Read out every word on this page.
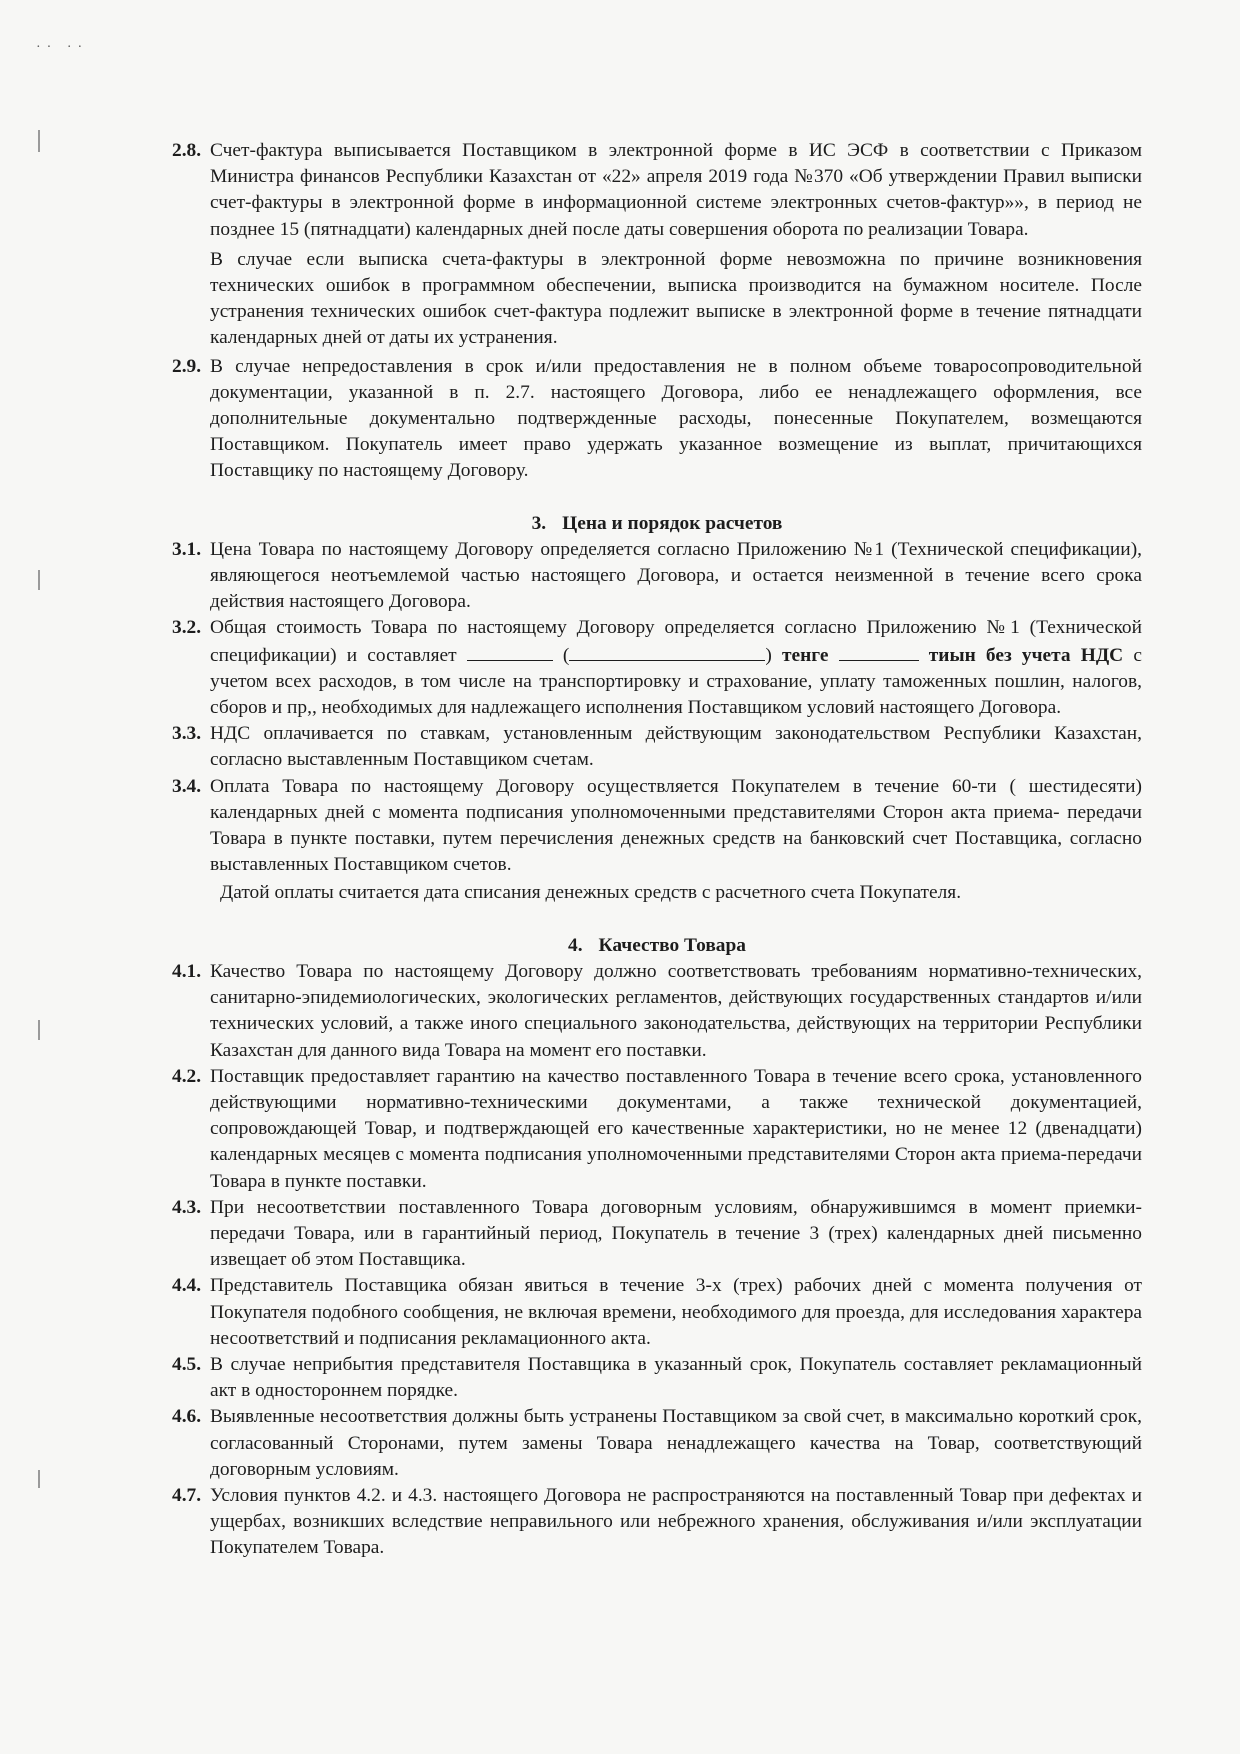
·· ··
2.8. Счет-фактура выписывается Поставщиком в электронной форме в ИС ЭСФ в соответствии с Приказом Министра финансов Республики Казахстан от «22» апреля 2019 года №370 «Об утверждении Правил выписки счет-фактуры в электронной форме в информационной системе электронных счетов-фактур»», в период не позднее 15 (пятнадцати) календарных дней после даты совершения оборота по реализации Товара.

В случае если выписка счета-фактуры в электронной форме невозможна по причине возникновения технических ошибок в программном обеспечении, выписка производится на бумажном носителе. После устранения технических ошибок счет-фактура подлежит выписке в электронной форме в течение пятнадцати календарных дней от даты их устранения.

2.9. В случае непредоставления в срок и/или предоставления не в полном объеме товаросопроводительной документации, указанной в п. 2.7. настоящего Договора, либо ее ненадлежащего оформления, все дополнительные документально подтвержденные расходы, понесенные Покупателем, возмещаются Поставщиком. Покупатель имеет право удержать указанное возмещение из выплат, причитающихся Поставщику по настоящему Договору.

3. Цена и порядок расчетов
3.1. Цена Товара по настоящему Договору определяется согласно Приложению №1 (Технической спецификации), являющегося неотъемлемой частью настоящего Договора, и остается неизменной в течение всего срока действия настоящего Договора.

3.2. Общая стоимость Товара по настоящему Договору определяется согласно Приложению №1 (Технической спецификации) и составляет	(	) тенге	тиын без учета НДС с учетом всех расходов, в том числе на транспортировку и страхование, уплату таможенных пошлин, налогов, сборов и пр,, необходимых для надлежащего исполнения Поставщиком условий настоящего Договора.

3.3. НДС оплачивается по ставкам, установленным действующим законодательством Республики Казахстан, согласно выставленным Поставщиком счетам.

3.4. Оплата Товара по настоящему Договору осуществляется Покупателем в течение 60-ти ( шестидесяти) календарных дней с момента подписания уполномоченными представителями Сторон акта приема- передачи Товара в пункте поставки, путем перечисления денежных средств на банковский счет Поставщика, согласно выставленных Поставщиком счетов.

Датой оплаты считается дата списания денежных средств с расчетного счета Покупателя.

4. Качество Товара
4.1. Качество Товара по настоящему Договору должно соответствовать требованиям нормативно-технических, санитарно-эпидемиологических, экологических регламентов, действующих государственных стандартов и/или технических условий, а также иного специального законодательства, действующих на территории Республики Казахстан для данного вида Товара на момент его поставки.

4.2. Поставщик предоставляет гарантию на качество поставленного Товара в течение всего срока, установленного действующими нормативно-техническими документами, а также технической документацией, сопровождающей Товар, и подтверждающей его качественные характеристики, но не менее 12 (двенадцати) календарных месяцев с момента подписания уполномоченными представителями Сторон акта приема-передачи Товара в пункте поставки.

4.3. При несоответствии поставленного Товара договорным условиям, обнаружившимся в момент приемки-передачи Товара, или в гарантийный период, Покупатель в течение 3 (трех) календарных дней письменно извещает об этом Поставщика.

4.4. Представитель Поставщика обязан явиться в течение 3-х (трех) рабочих дней с момента получения от Покупателя подобного сообщения, не включая времени, необходимого для проезда, для исследования характера несоответствий и подписания рекламационного акта.

4.5. В случае неприбытия представителя Поставщика в указанный срок, Покупатель составляет рекламационный акт в одностороннем порядке.

4.6. Выявленные несоответствия должны быть устранены Поставщиком за свой счет, в максимально короткий срок, согласованный Сторонами, путем замены Товара ненадлежащего качества на Товар, соответствующий договорным условиям.

4.7. Условия пунктов 4.2. и 4.3. настоящего Договора не распространяются на поставленный Товар при дефектах и ущербах, возникших вследствие неправильного или небрежного хранения, обслуживания и/или эксплуатации Покупателем Товара.
